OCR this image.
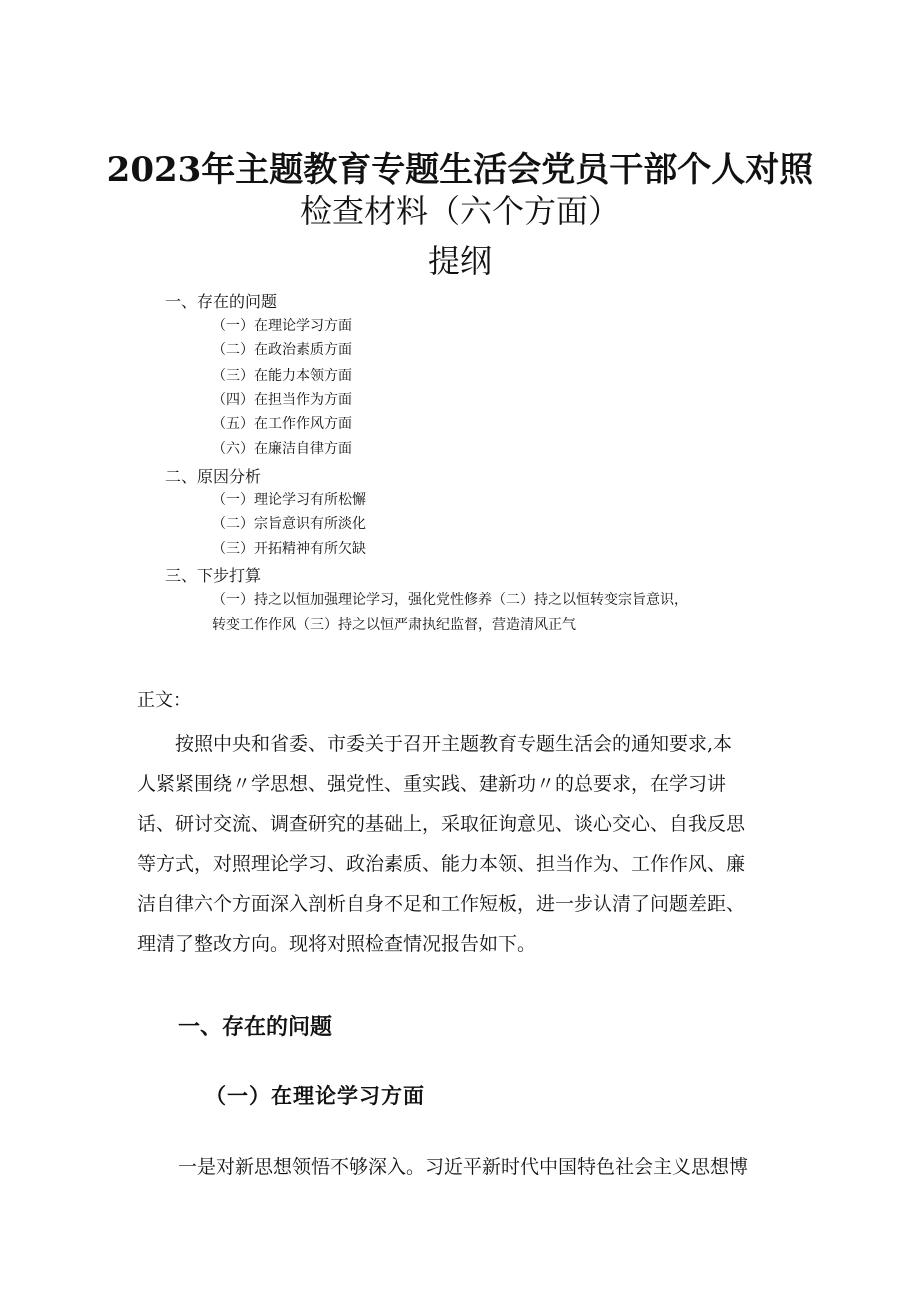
2023年主题教育专题生活会党员干部个人对照
检查材料（六个方面）
提纲

一、存在的问题

（一）在理论学习方面

（二）在政治素质方面

（三）在能力本领方面

（四）在担当作为方面

（五）在工作作风方面

（六）在廉洁自律方面

二、原因分析

（一）理论学习有所松懈

（二）宗旨意识有所淡化

（三）开拓精神有所欠缺

三、下步打算

（一）持之以恒加强理论学习，强化党性修养（二）持之以恒转变宗旨意识，
转变工作作风（三）持之以恒严肃执纪监督，营造清风正气

正文：

　　按照中央和省委、市委关于召开主题教育专题生活会的通知要求,本
人紧紧围绕〃学思想、强党性、重实践、建新功〃的总要求，在学习讲
话、研讨交流、调查研究的基础上，采取征询意见、谈心交心、自我反思
等方式，对照理论学习、政治素质、能力本领、担当作为、工作作风、廉
洁自律六个方面深入剖析自身不足和工作短板，进一步认清了问题差距、
理清了整改方向。现将对照检查情况报告如下。
一、存在的问题
（一）在理论学习方面

一是对新思想领悟不够深入。习近平新时代中国特色社会主义思想博
